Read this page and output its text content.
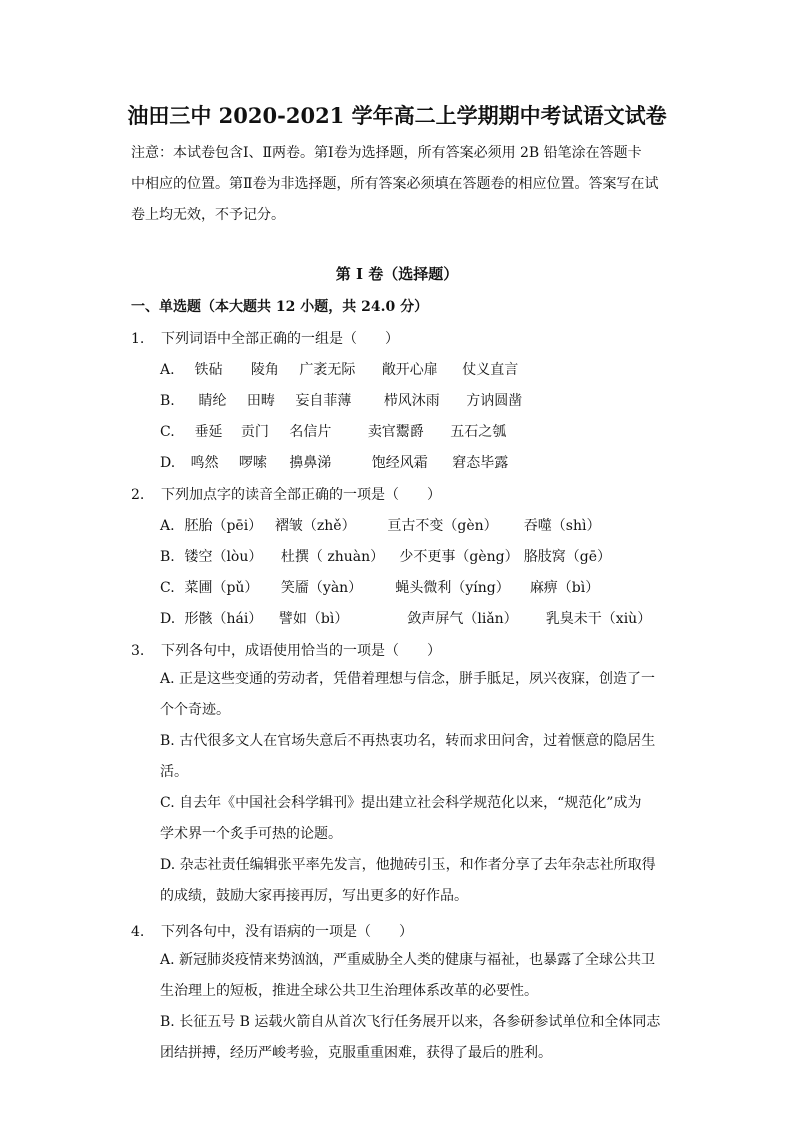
油田三中 2020-2021 学年高二上学期期中考试语文试卷
注意：本试卷包含Ⅰ、Ⅱ两卷。第Ⅰ卷为选择题，所有答案必须用 2B 铅笔涂在答题卡
中相应的位置。第Ⅱ卷为非选择题，所有答案必须填在答题卷的相应位置。答案写在试
卷上均无效，不予记分。
第 I 卷（选择题）
一、单选题（本大题共 12 小题，共 24.0 分）
1. 下列词语中全部正确的一组是（　　）
A. 铁砧 陵角 广袤无际 敞开心扉 仗义直言
B. 睛纶 田畴 妄自菲薄 栉风沐雨 方讷圆凿
C. 垂延 贡门 名信片	卖官鬻爵 五石之瓠
D. 鸣然 啰嗦 擤鼻涕	饱经风霜 窘态毕露
2. 下列加点字的读音全部正确的一项是（　　）
A. 胚胎（pēi） 褶皱（zhě） 亘古不变（gèn） 吞噬（shì）
B. 镂空（lòu） 杜撰（ zhuàn） 少不更事（gèng） 胳肢窝（gē）
C. 菜圃（pǔ） 笑靥（yàn） 蝇头微利（yíng） 麻痹（bì）
D. 形骸（hái） 譬如（bì）	敛声屏气（liǎn） 乳臭未干（xiù）
3. 下列各句中，成语使用恰当的一项是（　　）
A. 正是这些变通的劳动者，凭借着理想与信念，胼手胝足，夙兴夜寐，创造了一
个个奇迹。
B. 古代很多文人在官场失意后不再热衷功名，转而求田问舍，过着惬意的隐居生
活。
C. 自去年《中国社会科学辑刊》提出建立社会科学规范化以来，“规范化”成为
学术界一个炙手可热的论题。
D. 杂志社责任编辑张平率先发言，他抛砖引玉，和作者分享了去年杂志社所取得
的成绩，鼓励大家再接再厉，写出更多的好作品。
4. 下列各句中，没有语病的一项是（　　）
A. 新冠肺炎疫情来势汹汹，严重威胁全人类的健康与福祉，也暴露了全球公共卫
生治理上的短板，推进全球公共卫生治理体系改革的必要性。
B. 长征五号 B 运载火箭自从首次飞行任务展开以来，各参研参试单位和全体同志
团结拼搏，经历严峻考验，克服重重困难，获得了最后的胜利。
